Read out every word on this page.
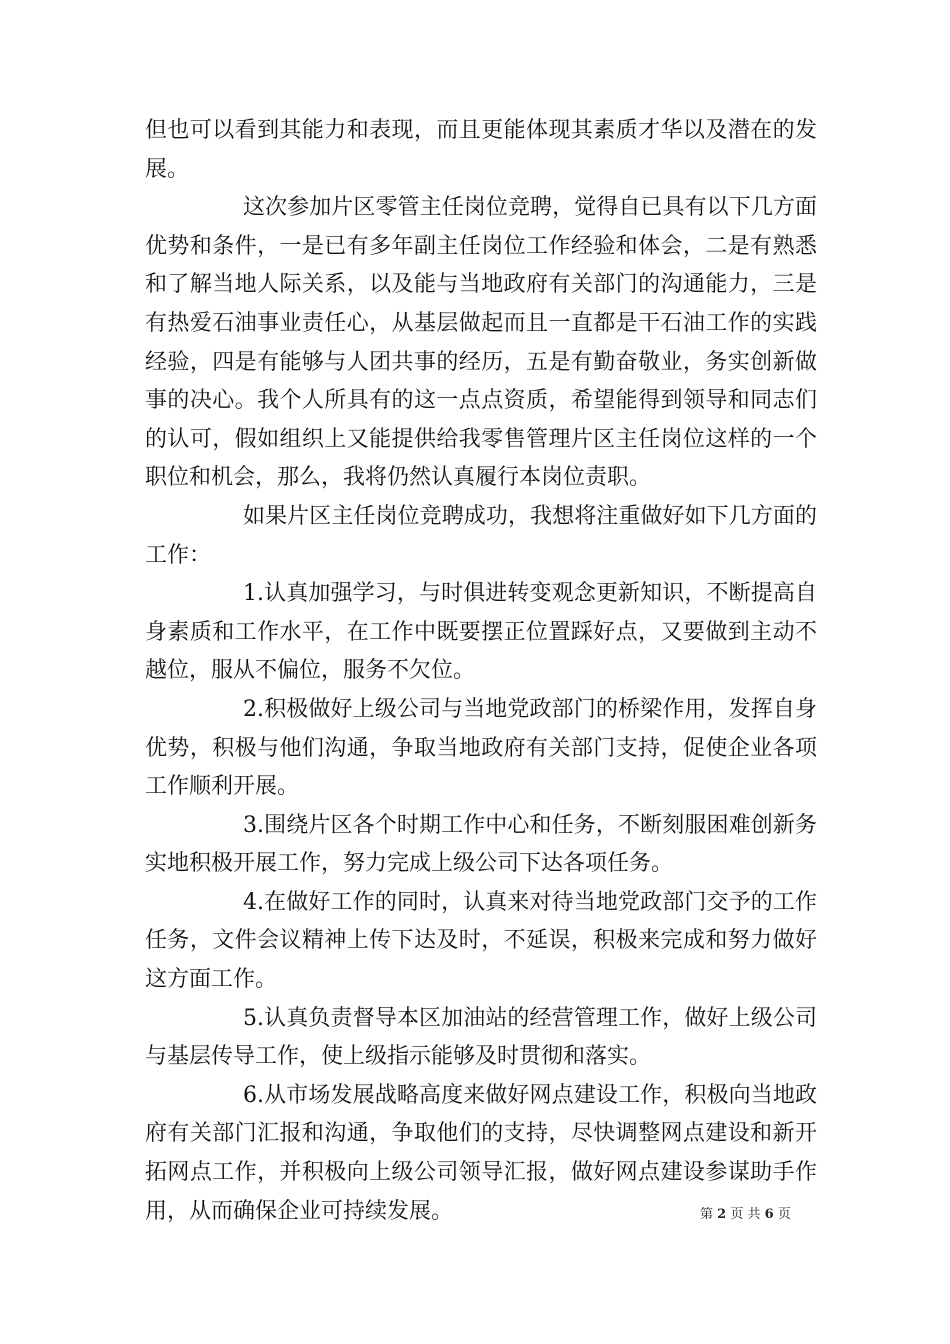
但也可以看到其能力和表现，而且更能体现其素质才华以及潜在的发展。

这次参加片区零管主任岗位竞聘，觉得自已具有以下几方面优势和条件，一是已有多年副主任岗位工作经验和体会，二是有熟悉和了解当地人际关系，以及能与当地政府有关部门的沟通能力，三是有热爱石油事业责任心，从基层做起而且一直都是干石油工作的实践经验，四是有能够与人团共事的经历，五是有勤奋敬业，务实创新做事的决心。我个人所具有的这一点点资质，希望能得到领导和同志们的认可，假如组织上又能提供给我零售管理片区主任岗位这样的一个职位和机会，那么，我将仍然认真履行本岗位责职。

如果片区主任岗位竞聘成功，我想将注重做好如下几方面的工作：

1.认真加强学习，与时俱进转变观念更新知识，不断提高自身素质和工作水平，在工作中既要摆正位置踩好点，又要做到主动不越位，服从不偏位，服务不欠位。

2.积极做好上级公司与当地党政部门的桥梁作用，发挥自身优势，积极与他们沟通，争取当地政府有关部门支持，促使企业各项工作顺利开展。

3.围绕片区各个时期工作中心和任务，不断刻服困难创新务实地积极开展工作，努力完成上级公司下达各项任务。

4.在做好工作的同时，认真来对待当地党政部门交予的工作任务，文件会议精神上传下达及时，不延误，积极来完成和努力做好这方面工作。

5.认真负责督导本区加油站的经营管理工作，做好上级公司与基层传导工作，使上级指示能够及时贯彻和落实。

6.从市场发展战略高度来做好网点建设工作，积极向当地政府有关部门汇报和沟通，争取他们的支持，尽快调整网点建设和新开拓网点工作，并积极向上级公司领导汇报，做好网点建设参谋助手作用，从而确保企业可持续发展。	第 2 页 共 6 页
